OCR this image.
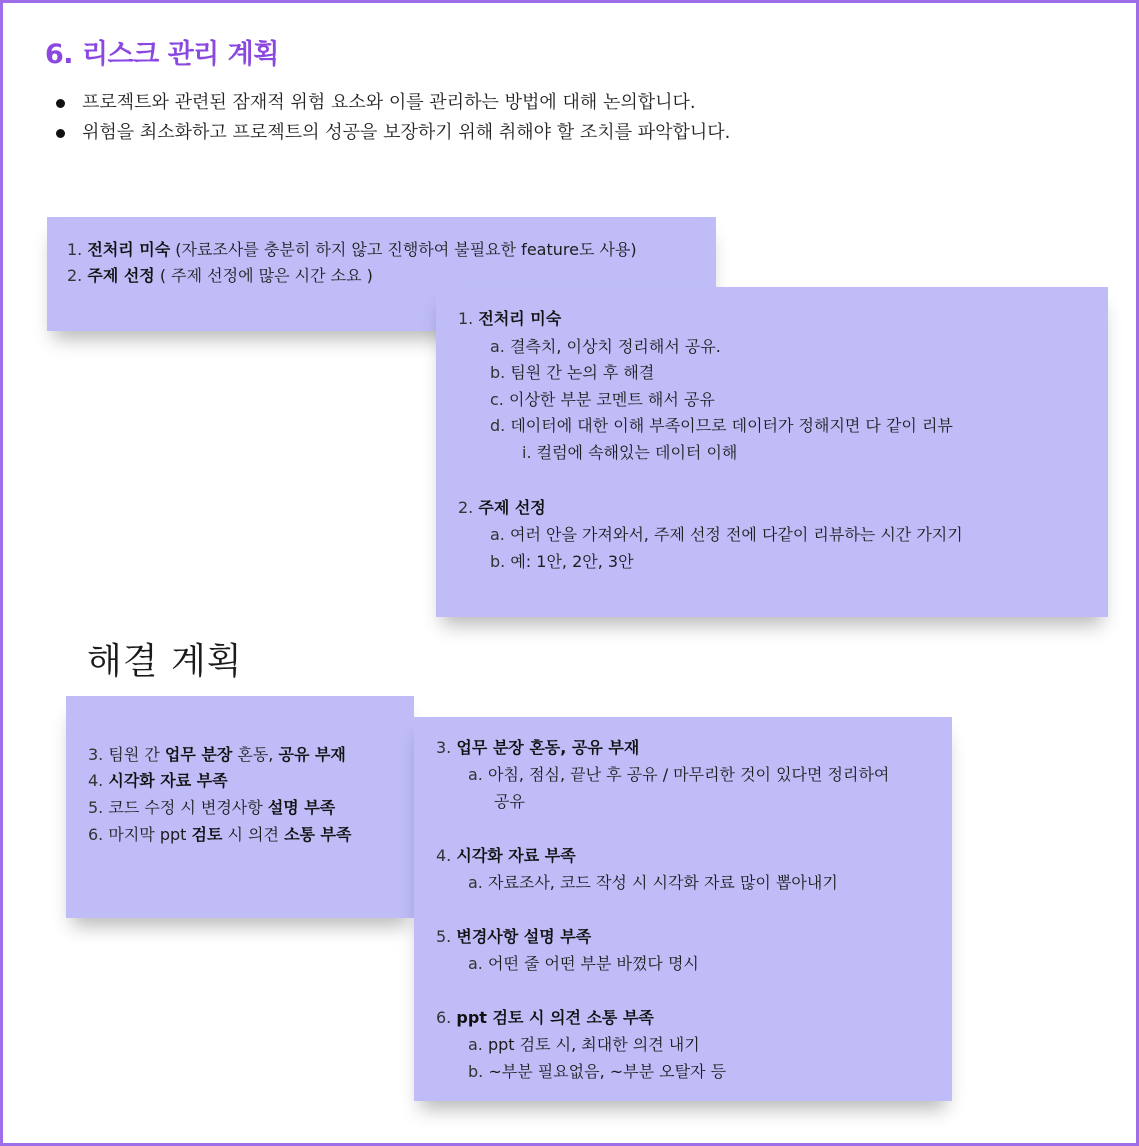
6. 리스크 관리 계획
프로젝트와 관련된 잠재적 위험 요소와 이를 관리하는 방법에 대해 논의합니다.
위험을 최소화하고 프로젝트의 성공을 보장하기 위해 취해야 할 조치를 파악합니다.
1. 전처리 미숙 (자료조사를 충분히 하지 않고 진행하여 불필요한 feature도 사용)
2. 주제 선정 ( 주제 선정에 많은 시간 소요 )
1. 전처리 미숙
a. 결측치, 이상치 정리해서 공유.
b. 팀원 간 논의 후 해결
c. 이상한 부분 코멘트 해서 공유
d. 데이터에 대한 이해 부족이므로 데이터가 정해지면 다 같이 리뷰
i. 컬럼에 속해있는 데이터 이해
2. 주제 선정
a. 여러 안을 가져와서, 주제 선정 전에 다같이 리뷰하는 시간 가지기
b. 예: 1안, 2안, 3안
해결 계획
3. 팀원 간 업무 분장 혼동, 공유 부재
4. 시각화 자료 부족
5. 코드 수정 시 변경사항 설명 부족
6. 마지막 ppt 검토 시 의견 소통 부족
3. 업무 분장 혼동, 공유 부재
a. 아침, 점심, 끝난 후 공유 / 마무리한 것이 있다면 정리하여
공유
4. 시각화 자료 부족
a. 자료조사, 코드 작성 시 시각화 자료 많이 뽑아내기
5. 변경사항 설명 부족
a. 어떤 줄 어떤 부분 바꼈다 명시
6. ppt 검토 시 의견 소통 부족
a. ppt 검토 시, 최대한 의견 내기
b. ~부분 필요없음, ~부분 오탈자 등
